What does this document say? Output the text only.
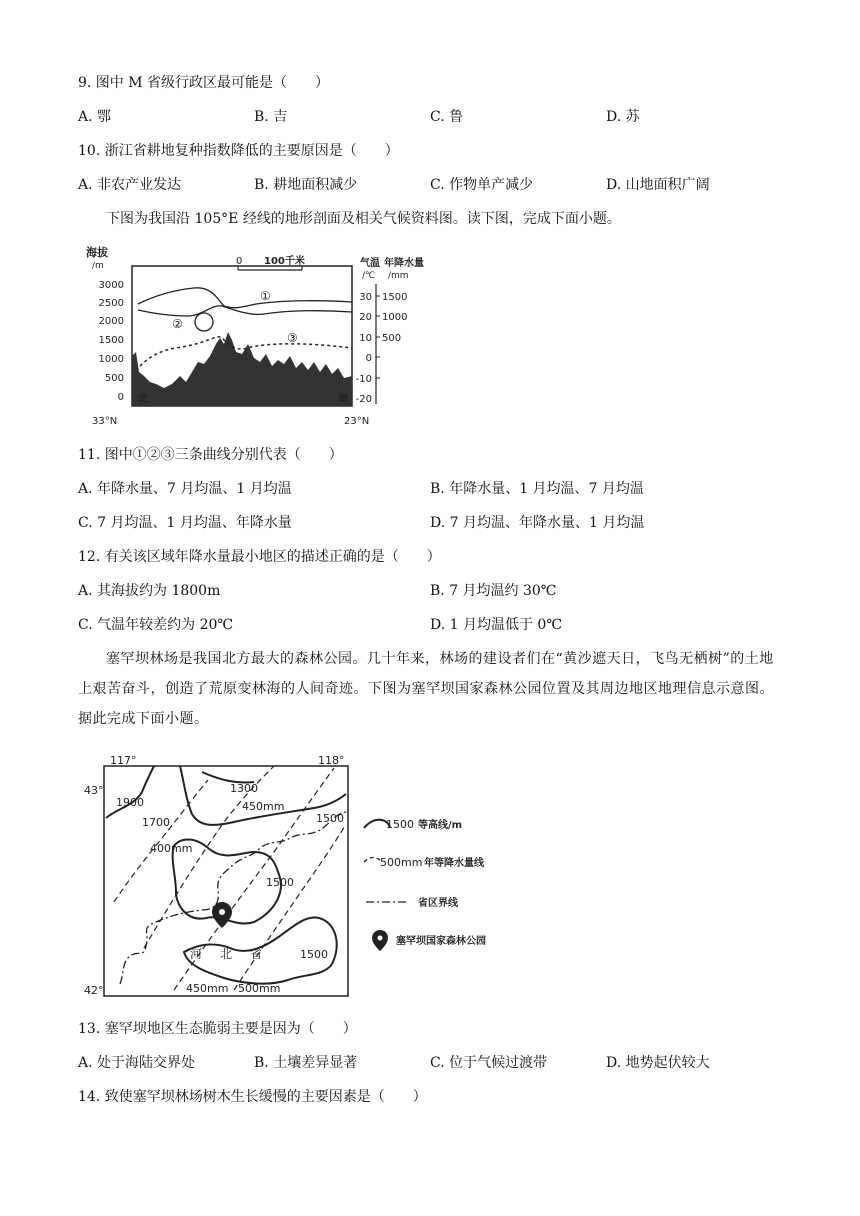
9. 图中 M 省级行政区最可能是（　　）
A. 鄂	B. 吉	C. 鲁	D. 苏
10. 浙江省耕地复种指数降低的主要原因是（　　）
A. 非农产业发达	B. 耕地面积减少	C. 作物单产减少	D. 山地面积广阔
下图为我国沿 105°E 经线的地形剖面及相关气候资料图。读下图，完成下面小题。
海拔
/m
3000
2500
2000
1500
1000
500
0
0 100千米	气温 年降水量
/℃ /mm
30
20
10
0
-10
-20
1500
1000
500
①
②
③
北	南
33°N	23°N
11. 图中①②③三条曲线分别代表（　　）
A. 年降水量、7 月均温、1 月均温	B. 年降水量、1 月均温、7 月均温
C. 7 月均温、1 月均温、年降水量	D. 7 月均温、年降水量、1 月均温
12. 有关该区域年降水量最小地区的描述正确的是（　　）
A. 其海拔约为 1800m	B. 7 月均温约 30℃
C. 气温年较差约为 20℃	D. 1 月均温低于 0℃
塞罕坝林场是我国北方最大的森林公园。几十年来，林场的建设者们在“黄沙遮天日，飞鸟无栖树”的土地上艰苦奋斗，创造了荒原变林海的人间奇迹。下图为塞罕坝国家森林公园位置及其周边地区地理信息示意图。据此完成下面小题。
117°	118°
43°
42°
1900
1300
1700	1500
1500
1500
450mm
400mm
450mm 500mm
河 北 省
1500 等高线/m
500mm 年等降水量线
省区界线
塞罕坝国家森林公园
13. 塞罕坝地区生态脆弱主要是因为（　　）
A. 处于海陆交界处	B. 土壤差异显著	C. 位于气候过渡带	D. 地势起伏较大
14. 致使塞罕坝林场树木生长缓慢的主要因素是（　　）
